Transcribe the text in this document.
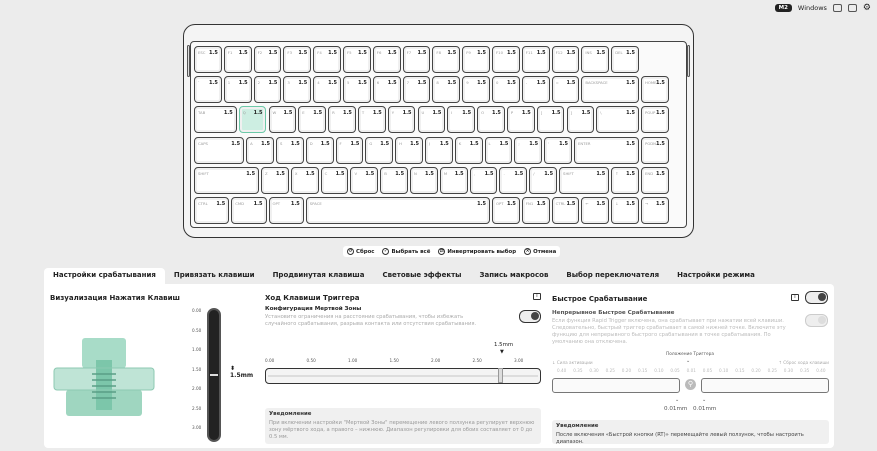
M2	Windows	⚙
ESC 1.5	F1 1.5	F2 1.5	F3 1.5	F4 1.5	F5 1.5	F6 1.5	F7 1.5	F8 1.5	F9 1.5	F10 1.5	F11 1.5	F12 1.5	INS 1.5	DEL 1.5
` 1.5	1 1.5	2 1.5	3 1.5	4 1.5	5 1.5	6 1.5	7 1.5	8 1.5	9 1.5	0 1.5	- 1.5	= 1.5	BACKSPACE	1.5	HOME 1.5
TAB	1.5	Q 1.5	W 1.5	E 1.5	R 1.5	T 1.5	Y 1.5	U 1.5	I 1.5	O 1.5	P 1.5	[ 1.5	] 1.5	\	1.5	PGUP 1.5
CAPS	1.5	A 1.5	S 1.5	D 1.5	F 1.5	G 1.5	H 1.5	J 1.5	K 1.5	L 1.5	; 1.5	' 1.5	ENTER	1.5	PGDN 1.5
SHIFT	1.5	Z 1.5	X 1.5	C 1.5	V 1.5	B 1.5	N 1.5	M 1.5	, 1.5	. 1.5	/ 1.5	SHIFT	1.5	↑ 1.5	END 1.5
CTRL 1.5	CMD 1.5	OPT 1.5	SPACE	1.5	OPT 1.5	FN1 1.5	CTRL 1.5	← 1.5	↓ 1.5	→ 1.5
↺ Сброс ✓ Выбрать всё ⇄ Инвертировать выбор × Отмена
Настройки срабатывания	Привязать клавиши	Продвинутая клавиша	Световые эффекты	Запись макросов	Выбор переключателя	Настройки режима
Визуализация Нажатия Клавиш
0.00
0.50
1.00
1.50
2.00
2.50
3.00
⬍ 1.5mm
Ход Клавиши Триггера	i
Конфигурация Мертвой Зоны
Установите ограничения на расстояние срабатывания, чтобы избежать случайного срабатывания, разрыва контакта или отсутствия срабатывания.
1.5mm
▼
0.00	0.50	1.00	1.50	2.00	2.50	3.00
Уведомление
При включении настройки "Мертвой Зоны" перемещение левого ползунка регулирует верхнюю зону мёртвого хода, а правого – нижнюю. Диапазон регулировки для обоих составляет от 0 до 0.5 мм.
Быстрое Срабатывание	i
Непрерывное Быстрое Срабатывание
Если функция Rapid Trigger включена, она срабатывает при нажатии всей клавиши. Следовательно, быстрый триггер срабатывает в самой нижней точке. Включите эту функцию для непрерывного быстрого срабатывания в точке срабатывания. По умолчанию она отключена.
Положение Триггера
⌄
↓ Сила активации	↑ Сброс хода клавиши
0.40 0.35 0.30 0.25 0.20 0.15 0.10 0.05 0.01 0.05 0.10 0.15 0.20 0.25 0.30 0.35 0.40
⚲
⌄	⌄
0.01mm 0.01mm
Уведомление
После включения «Быстрой кнопки (RT)» перемещайте левый ползунок, чтобы настроить диапазон.
